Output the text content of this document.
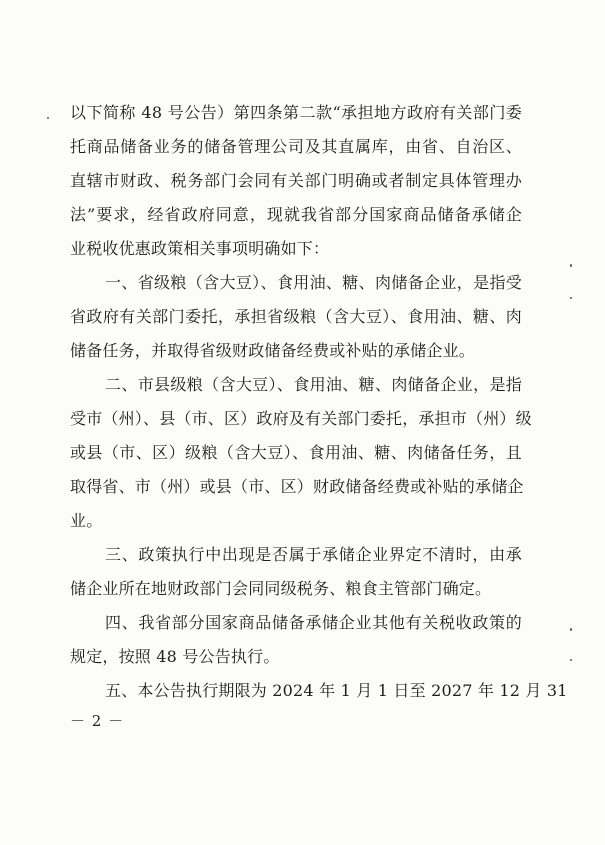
以下简称 48 号公告）第四条第二款“承担地方政府有关部门委

托商品储备业务的储备管理公司及其直属库，由省、自治区、

直辖市财政、税务部门会同有关部门明确或者制定具体管理办

法”要求，经省政府同意，现就我省部分国家商品储备承储企

业税收优惠政策相关事项明确如下：

一、省级粮（含大豆）、食用油、糖、肉储备企业，是指受

省政府有关部门委托，承担省级粮（含大豆）、食用油、糖、肉

储备任务，并取得省级财政储备经费或补贴的承储企业。

二、市县级粮（含大豆）、食用油、糖、肉储备企业，是指

受市（州）、县（市、区）政府及有关部门委托，承担市（州）级

或县（市、区）级粮（含大豆）、食用油、糖、肉储备任务，且

取得省、市（州）或县（市、区）财政储备经费或补贴的承储企

业。

三、政策执行中出现是否属于承储企业界定不清时，由承

储企业所在地财政部门会同同级税务、粮食主管部门确定。

四、我省部分国家商品储备承储企业其他有关税收政策的

规定，按照 48 号公告执行。

五、本公告执行期限为 2024 年 1 月 1 日至 2027 年 12 月 31

－ 2 －
